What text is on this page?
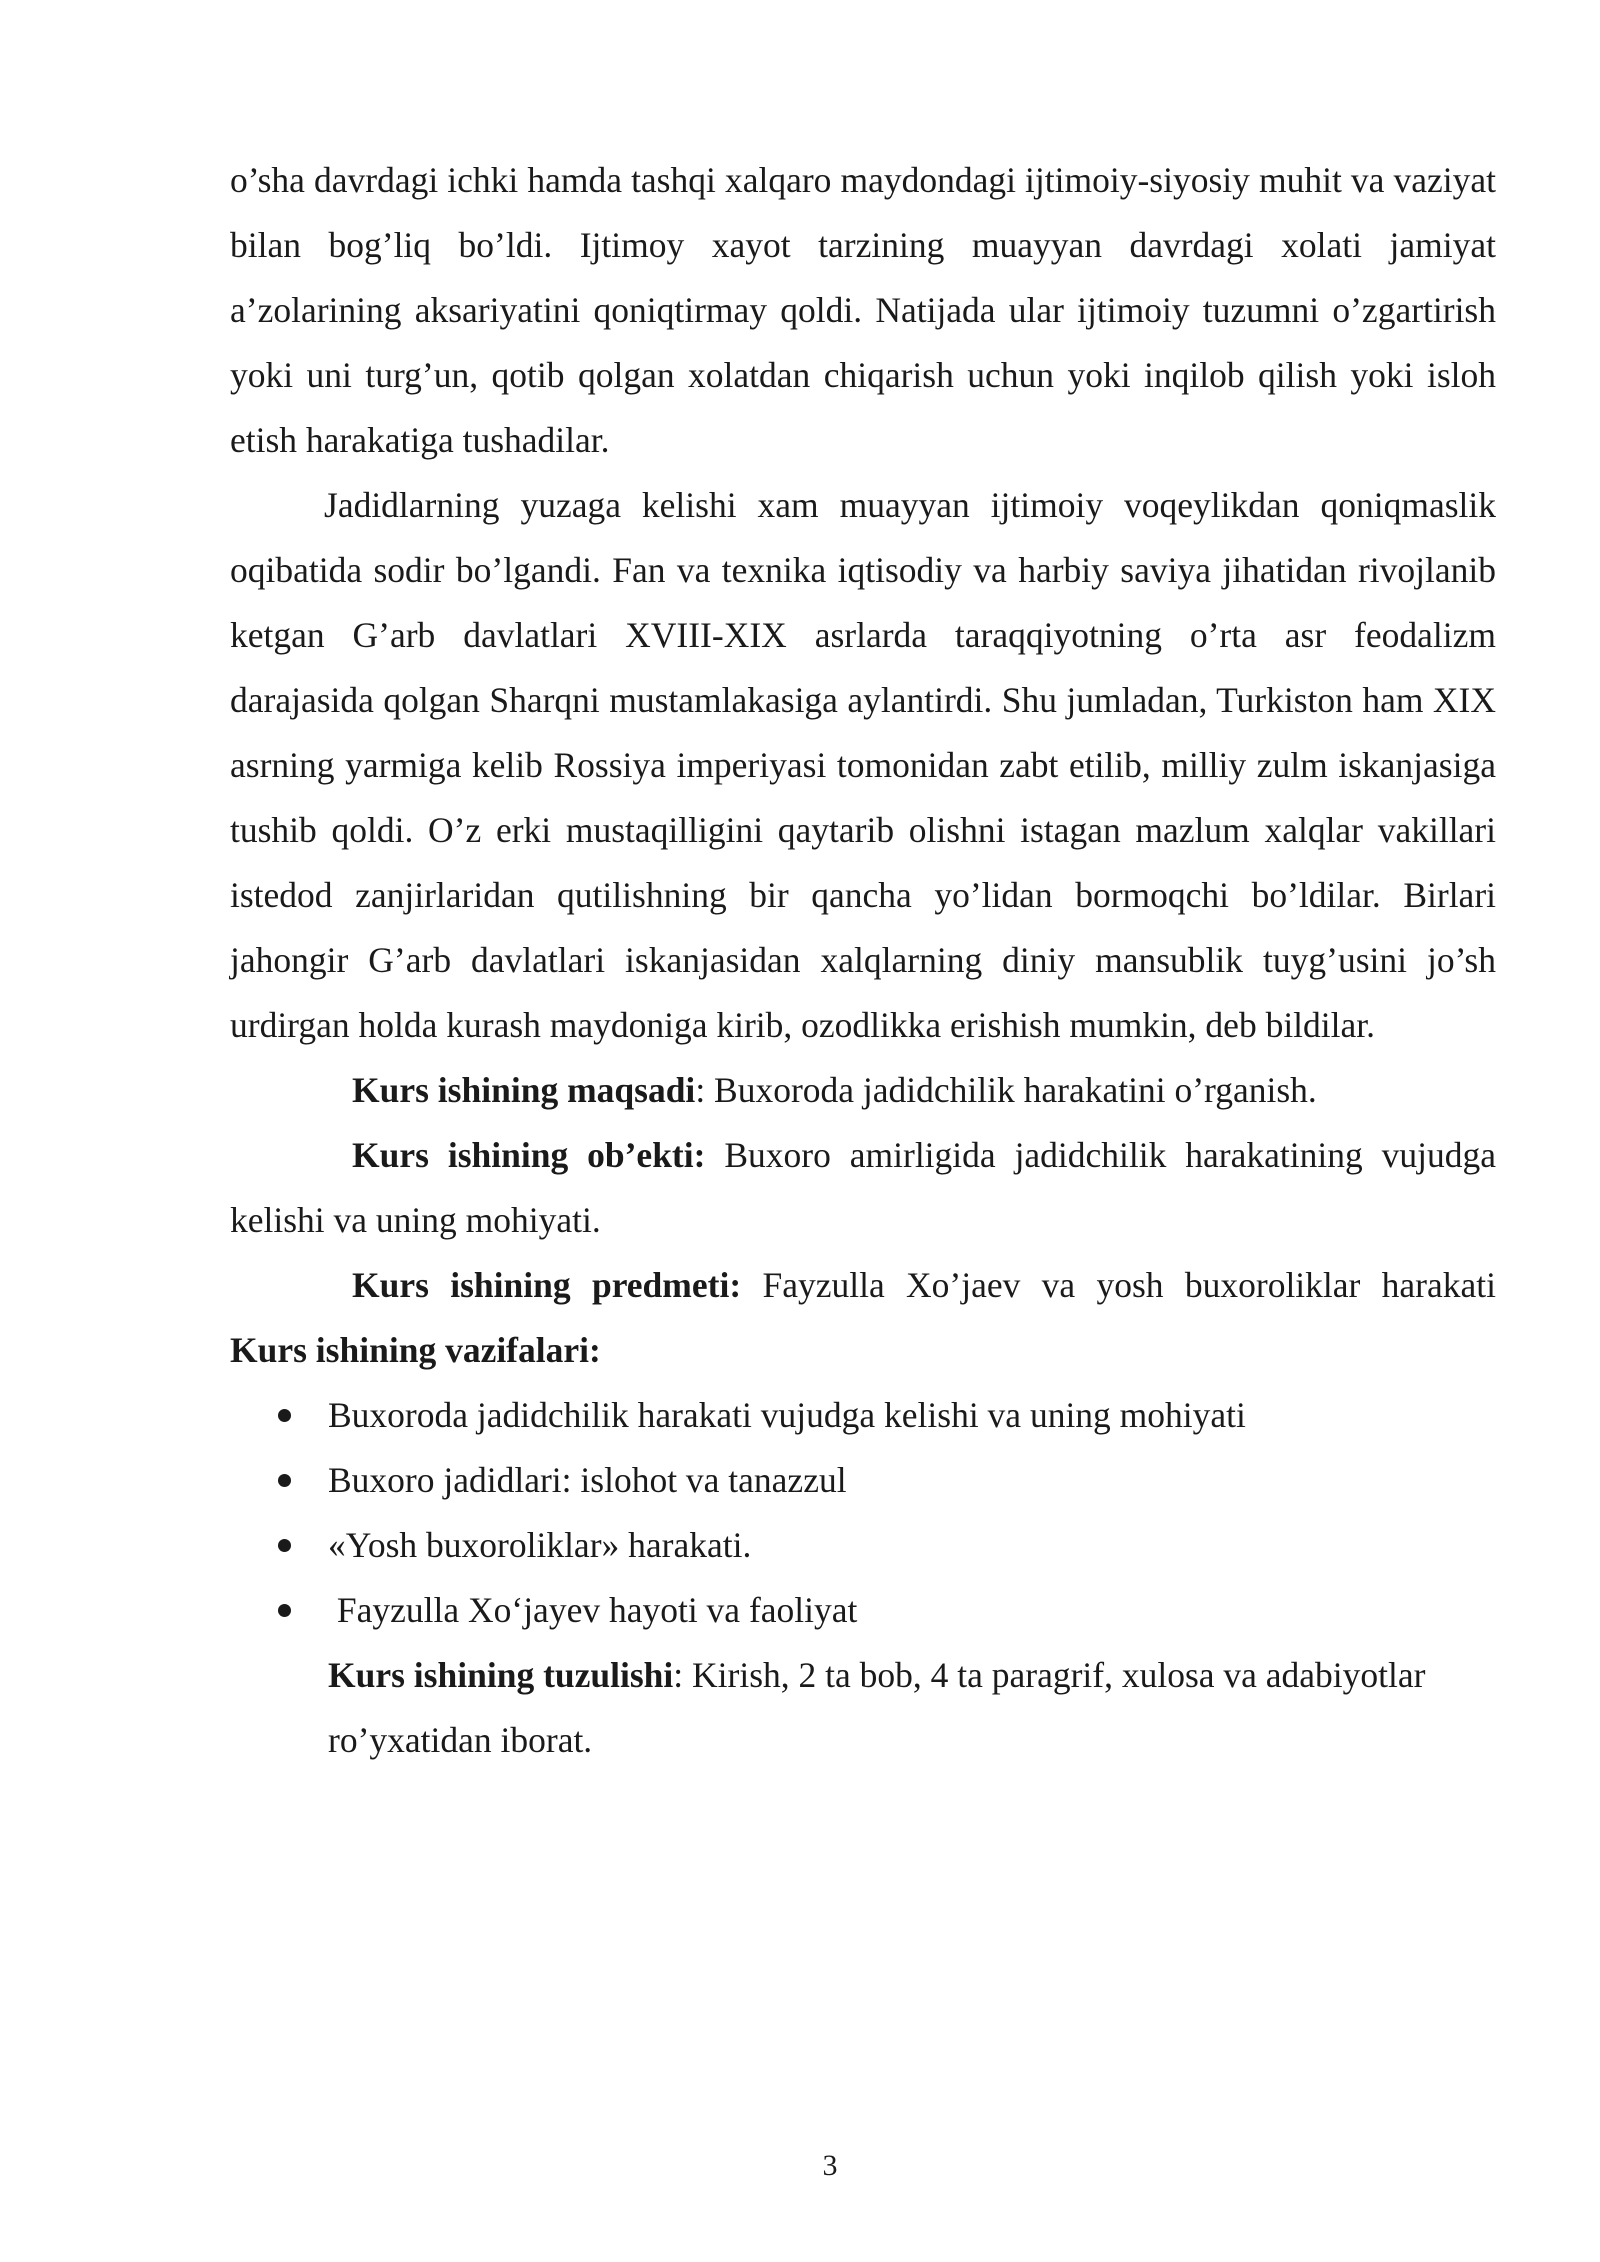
o’sha davrdagi ichki hamda tashqi xalqaro maydondagi ijtimoiy-siyosiy muhit va vaziyat bilan bog’liq bo’ldi. Ijtimoy xayot tarzining muayyan davrdagi xolati jamiyat a’zolarining aksariyatini qoniqtirmay qoldi. Natijada ular ijtimoiy tuzumni o’zgartirish yoki uni turg’un, qotib qolgan xolatdan chiqarish uchun yoki inqilob qilish yoki isloh etish harakatiga tushadilar.

Jadidlarning yuzaga kelishi xam muayyan ijtimoiy voqeylikdan qoniqmaslik oqibatida sodir bo’lgandi. Fan va texnika iqtisodiy va harbiy saviya jihatidan rivojlanib ketgan G’arb davlatlari XVIII-XIX asrlarda taraqqiyotning o’rta asr feodalizm darajasida qolgan Sharqni mustamlakasiga aylantirdi. Shu jumladan, Turkiston ham XIX asrning yarmiga kelib Rossiya imperiyasi tomonidan zabt etilib, milliy zulm iskanjasiga tushib qoldi. O’z erki mustaqilligini qaytarib olishni istagan mazlum xalqlar vakillari istedod zanjirlaridan qutilishning bir qancha yo’lidan bormoqchi bo’ldilar. Birlari jahongir G’arb davlatlari iskanjasidan xalqlarning diniy mansublik tuyg’usini jo’sh urdirgan holda kurash maydoniga kirib, ozodlikka erishish mumkin, deb bildilar.

Kurs ishining maqsadi: Buxoroda jadidchilik harakatini o’rganish.

Kurs ishining ob’ekti: Buxoro amirligida jadidchilik harakatining vujudga kelishi va uning mohiyati.

Kurs ishining predmeti: Fayzulla Xo’jaev va yosh buxoroliklar harakati

Kurs ishining vazifalari:

Buxoroda jadidchilik harakati vujudga kelishi va uning mohiyati
Buxoro jadidlari: islohot va tanazzul
«Yosh buxoroliklar» harakati.
Fayzulla Xo‘jayev hayoti va faoliyat

Kurs ishining tuzulishi: Kirish, 2 ta bob, 4 ta paragrif, xulosa va adabiyotlar ro’yxatidan iborat.

3
